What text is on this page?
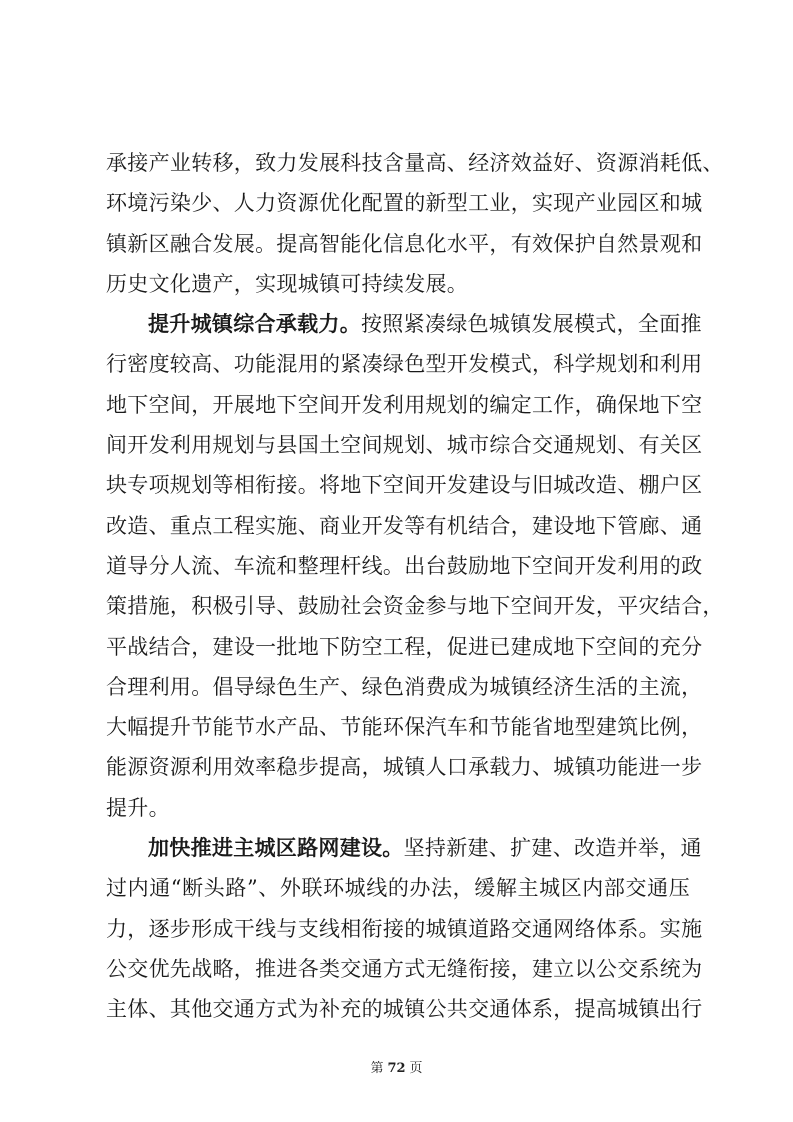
承接产业转移，致力发展科技含量高、经济效益好、资源消耗低、
环境污染少、人力资源优化配置的新型工业，实现产业园区和城
镇新区融合发展。提高智能化信息化水平，有效保护自然景观和
历史文化遗产，实现城镇可持续发展。
提升城镇综合承载力。按照紧凑绿色城镇发展模式，全面推
行密度较高、功能混用的紧凑绿色型开发模式，科学规划和利用
地下空间，开展地下空间开发利用规划的编定工作，确保地下空
间开发利用规划与县国土空间规划、城市综合交通规划、有关区
块专项规划等相衔接。将地下空间开发建设与旧城改造、棚户区
改造、重点工程实施、商业开发等有机结合，建设地下管廊、通
道导分人流、车流和整理杆线。出台鼓励地下空间开发利用的政
策措施，积极引导、鼓励社会资金参与地下空间开发，平灾结合，
平战结合，建设一批地下防空工程，促进已建成地下空间的充分
合理利用。倡导绿色生产、绿色消费成为城镇经济生活的主流，
大幅提升节能节水产品、节能环保汽车和节能省地型建筑比例，
能源资源利用效率稳步提高，城镇人口承载力、城镇功能进一步
提升。
加快推进主城区路网建设。坚持新建、扩建、改造并举，通
过内通“断头路”、外联环城线的办法，缓解主城区内部交通压
力，逐步形成干线与支线相衔接的城镇道路交通网络体系。实施
公交优先战略，推进各类交通方式无缝衔接，建立以公交系统为
主体、其他交通方式为补充的城镇公共交通体系，提高城镇出行
第 72 页
